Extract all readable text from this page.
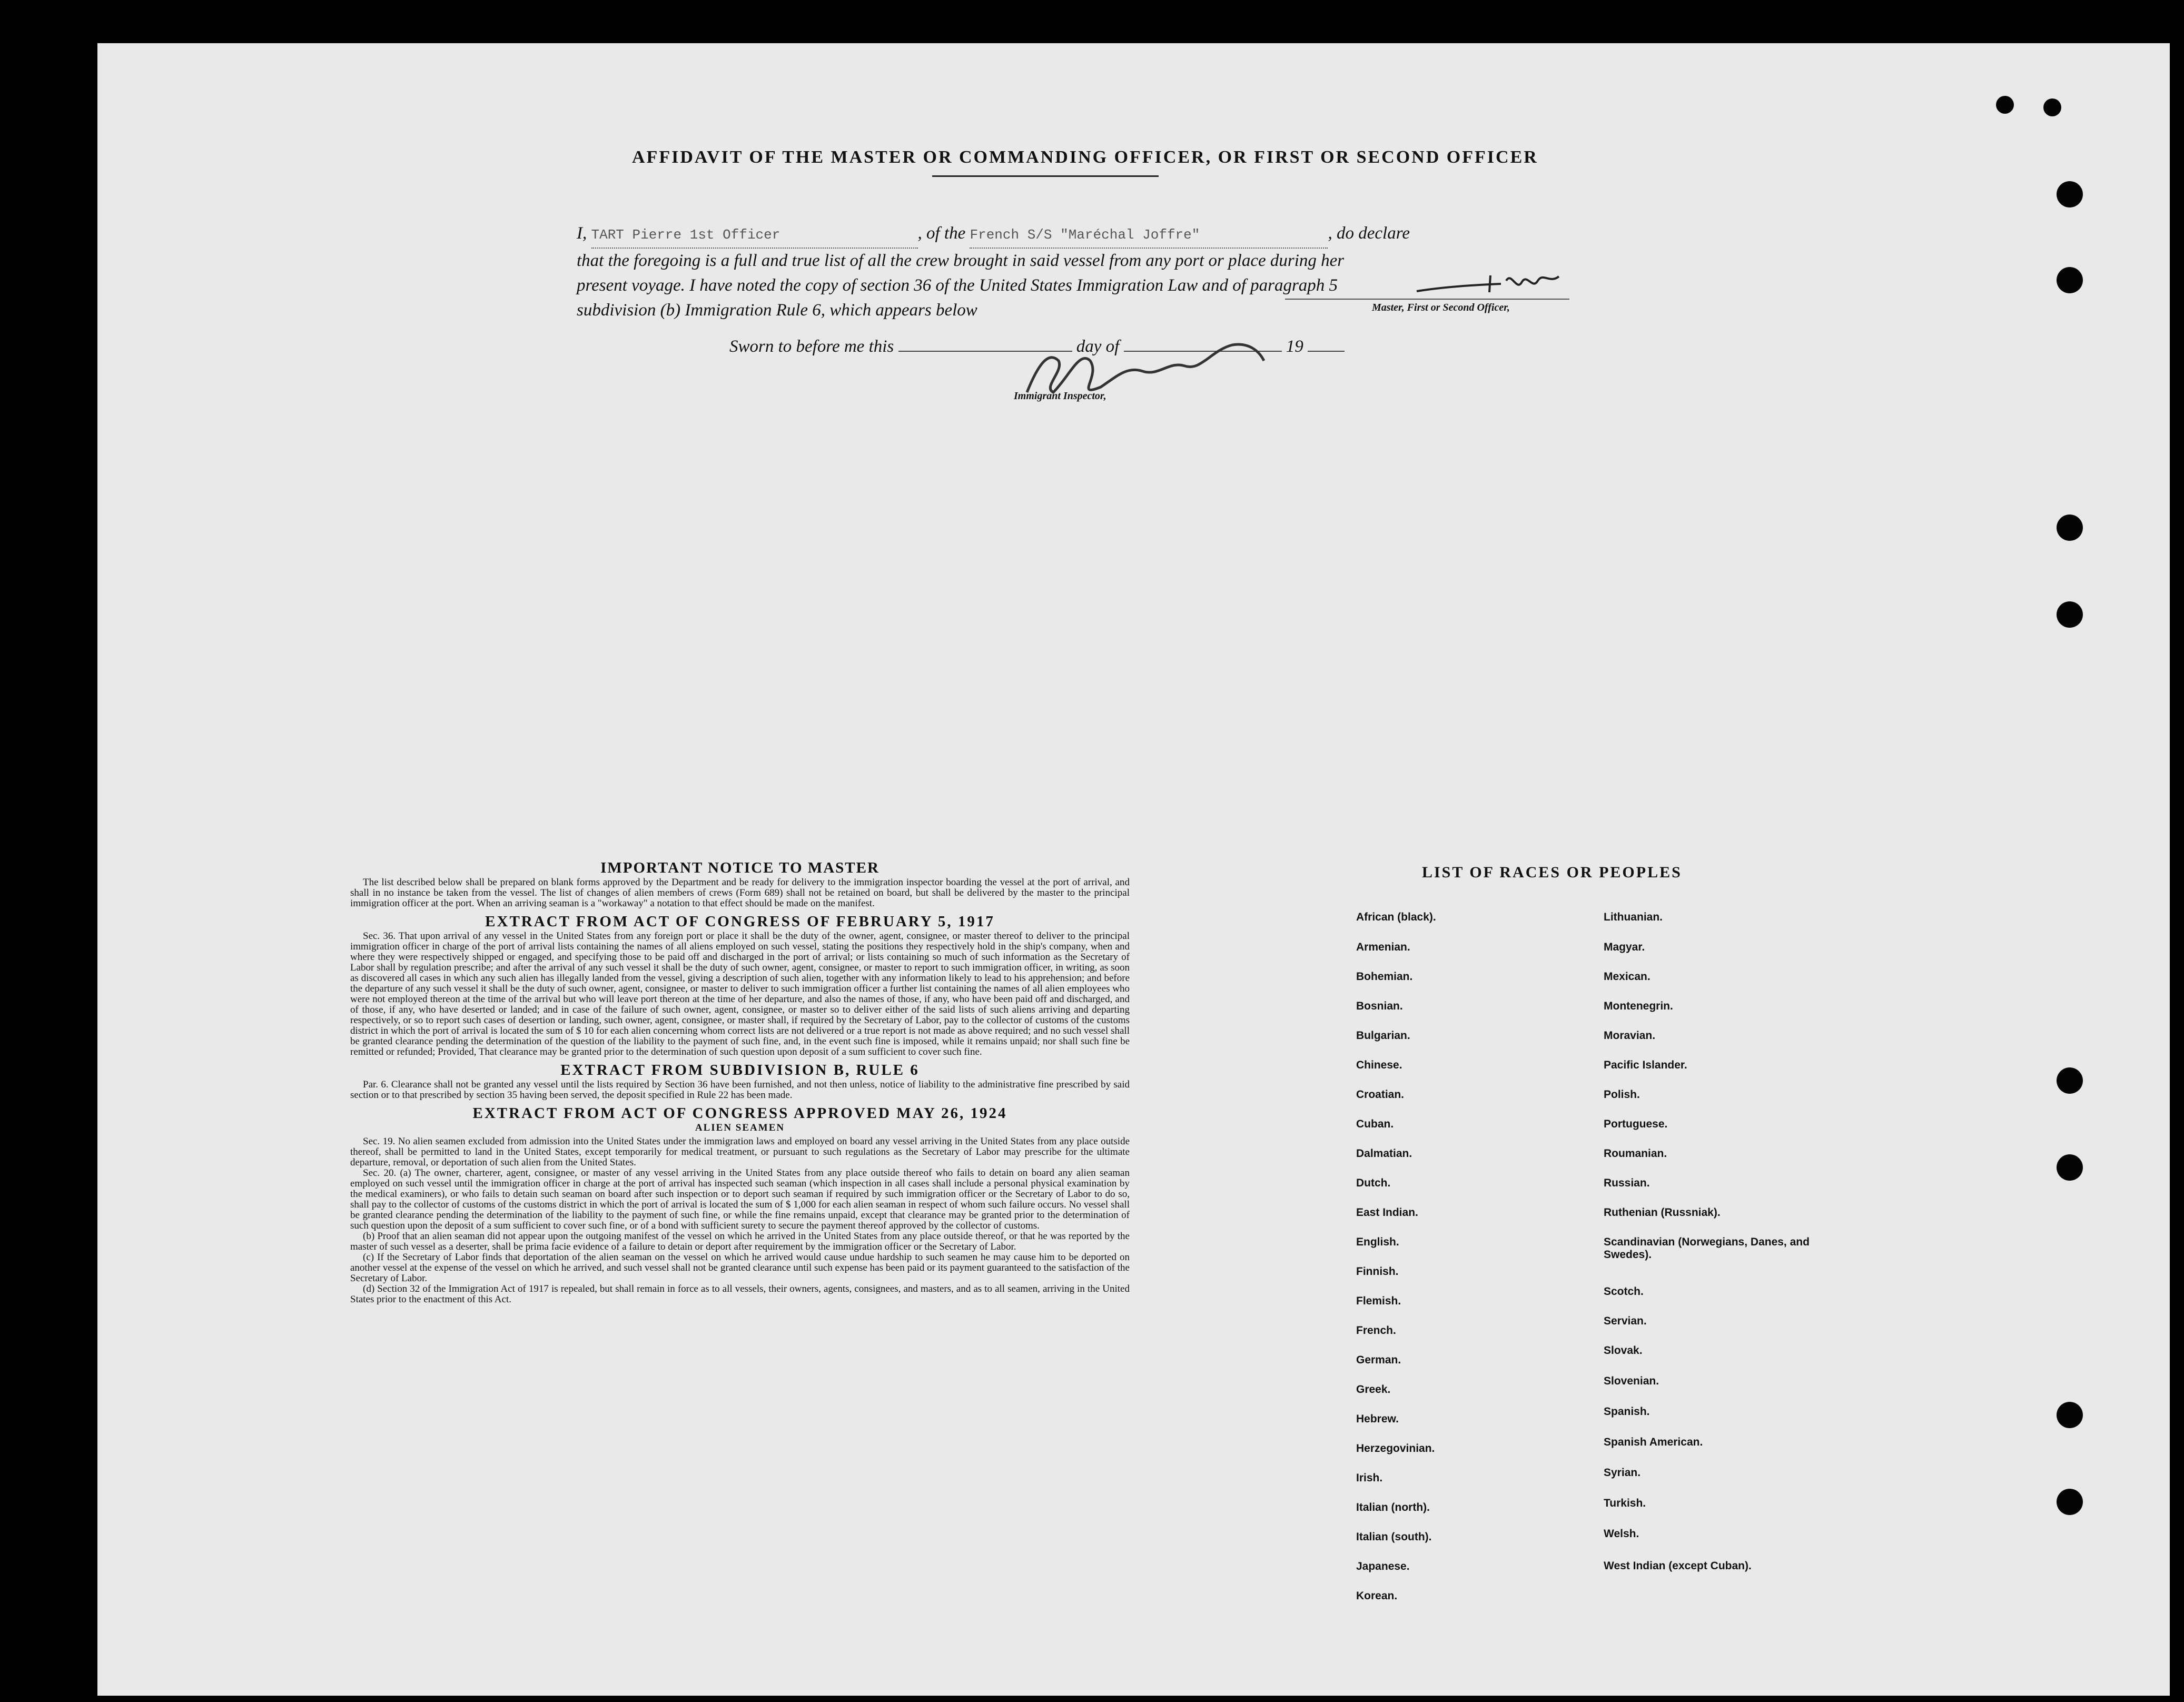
AFFIDAVIT OF THE MASTER OR COMMANDING OFFICER, OR FIRST OR SECOND OFFICER

I, TART Pierre 1st Officer	, of the French S/S "Maréchal Joffre"	, do declare

that the foregoing is a full and true list of all the crew brought in said vessel from any port or place during her

present voyage. I have noted the copy of section 36 of the United States Immigration Law and of paragraph 5

subdivision (b) Immigration Rule 6, which appears below	Master, First or Second Officer,
Sworn to before me this	day of	19
Immigrant Inspector,
IMPORTANT NOTICE TO MASTER

The list described below shall be prepared on blank forms approved by the Department and be ready for delivery to the immigration inspector boarding the vessel at the port of arrival, and shall in no instance be taken from the vessel. The list of changes of alien members of crews (Form 689) shall not be retained on board, but shall be delivered by the master to the principal immigration officer at the port. When an arriving seaman is a "workaway" a notation to that effect should be made on the manifest.

EXTRACT FROM ACT OF CONGRESS OF FEBRUARY 5, 1917

Sec. 36. That upon arrival of any vessel in the United States from any foreign port or place it shall be the duty of the owner, agent, consignee, or master thereof to deliver to the principal immigration officer in charge of the port of arrival lists containing the names of all aliens employed on such vessel, stating the positions they respectively hold in the ship's company, when and where they were respectively shipped or engaged, and specifying those to be paid off and discharged in the port of arrival; or lists containing so much of such information as the Secretary of Labor shall by regulation prescribe; and after the arrival of any such vessel it shall be the duty of such owner, agent, consignee, or master to report to such immigration officer, in writing, as soon as discovered all cases in which any such alien has illegally landed from the vessel, giving a description of such alien, together with any information likely to lead to his apprehension; and before the departure of any such vessel it shall be the duty of such owner, agent, consignee, or master to deliver to such immigration officer a further list containing the names of all alien employees who were not employed thereon at the time of the arrival but who will leave port thereon at the time of her departure, and also the names of those, if any, who have been paid off and discharged, and of those, if any, who have deserted or landed; and in case of the failure of such owner, agent, consignee, or master so to deliver either of the said lists of such aliens arriving and departing respectively, or so to report such cases of desertion or landing, such owner, agent, consignee, or master shall, if required by the Secretary of Labor, pay to the collector of customs of the customs district in which the port of arrival is located the sum of $ 10 for each alien concerning whom correct lists are not delivered or a true report is not made as above required; and no such vessel shall be granted clearance pending the determination of the question of the liability to the payment of such fine, and, in the event such fine is imposed, while it remains unpaid; nor shall such fine be remitted or refunded; Provided, That clearance may be granted prior to the determination of such question upon deposit of a sum sufficient to cover such fine.

EXTRACT FROM SUBDIVISION B, RULE 6

Par. 6. Clearance shall not be granted any vessel until the lists required by Section 36 have been furnished, and not then unless, notice of liability to the administrative fine prescribed by said section or to that prescribed by section 35 having been served, the deposit specified in Rule 22 has been made.

EXTRACT FROM ACT OF CONGRESS APPROVED MAY 26, 1924
ALIEN SEAMEN

Sec. 19. No alien seamen excluded from admission into the United States under the immigration laws and employed on board any vessel arriving in the United States from any place outside thereof, shall be permitted to land in the United States, except temporarily for medical treatment, or pursuant to such regulations as the Secretary of Labor may prescribe for the ultimate departure, removal, or deportation of such alien from the United States.

Sec. 20. (a) The owner, charterer, agent, consignee, or master of any vessel arriving in the United States from any place outside thereof who fails to detain on board any alien seaman employed on such vessel until the immigration officer in charge at the port of arrival has inspected such seaman (which inspection in all cases shall include a personal physical examination by the medical examiners), or who fails to detain such seaman on board after such inspection or to deport such seaman if required by such immigration officer or the Secretary of Labor to do so, shall pay to the collector of customs of the customs district in which the port of arrival is located the sum of $ 1,000 for each alien seaman in respect of whom such failure occurs. No vessel shall be granted clearance pending the determination of the liability to the payment of such fine, or while the fine remains unpaid, except that clearance may be granted prior to the determination of such question upon the deposit of a sum sufficient to cover such fine, or of a bond with sufficient surety to secure the payment thereof approved by the collector of customs.

(b) Proof that an alien seaman did not appear upon the outgoing manifest of the vessel on which he arrived in the United States from any place outside thereof, or that he was reported by the master of such vessel as a deserter, shall be prima facie evidence of a failure to detain or deport after requirement by the immigration officer or the Secretary of Labor.

(c) If the Secretary of Labor finds that deportation of the alien seaman on the vessel on which he arrived would cause undue hardship to such seamen he may cause him to be deported on another vessel at the expense of the vessel on which he arrived, and such vessel shall not be granted clearance until such expense has been paid or its payment guaranteed to the satisfaction of the Secretary of Labor.

(d) Section 32 of the Immigration Act of 1917 is repealed, but shall remain in force as to all vessels, their owners, agents, consignees, and masters, and as to all seamen, arriving in the United States prior to the enactment of this Act.

LIST OF RACES OR PEOPLES
African (black).
Armenian.
Bohemian.
Bosnian.
Bulgarian.
Chinese.
Croatian.
Cuban.
Dalmatian.
Dutch.
East Indian.
English.
Finnish.
Flemish.
French.
German.
Greek.
Hebrew.
Herzegovinian.
Irish.
Italian (north).
Italian (south).
Japanese.
Korean.
Lithuanian.
Magyar.
Mexican.
Montenegrin.
Moravian.
Pacific Islander.
Polish.
Portuguese.
Roumanian.
Russian.
Ruthenian (Russniak).
Scandinavian (Norwegians, Danes, and Swedes).
Scotch.
Servian.
Slovak.
Slovenian.
Spanish.
Spanish American.
Syrian.
Turkish.
Welsh.
West Indian (except Cuban).
